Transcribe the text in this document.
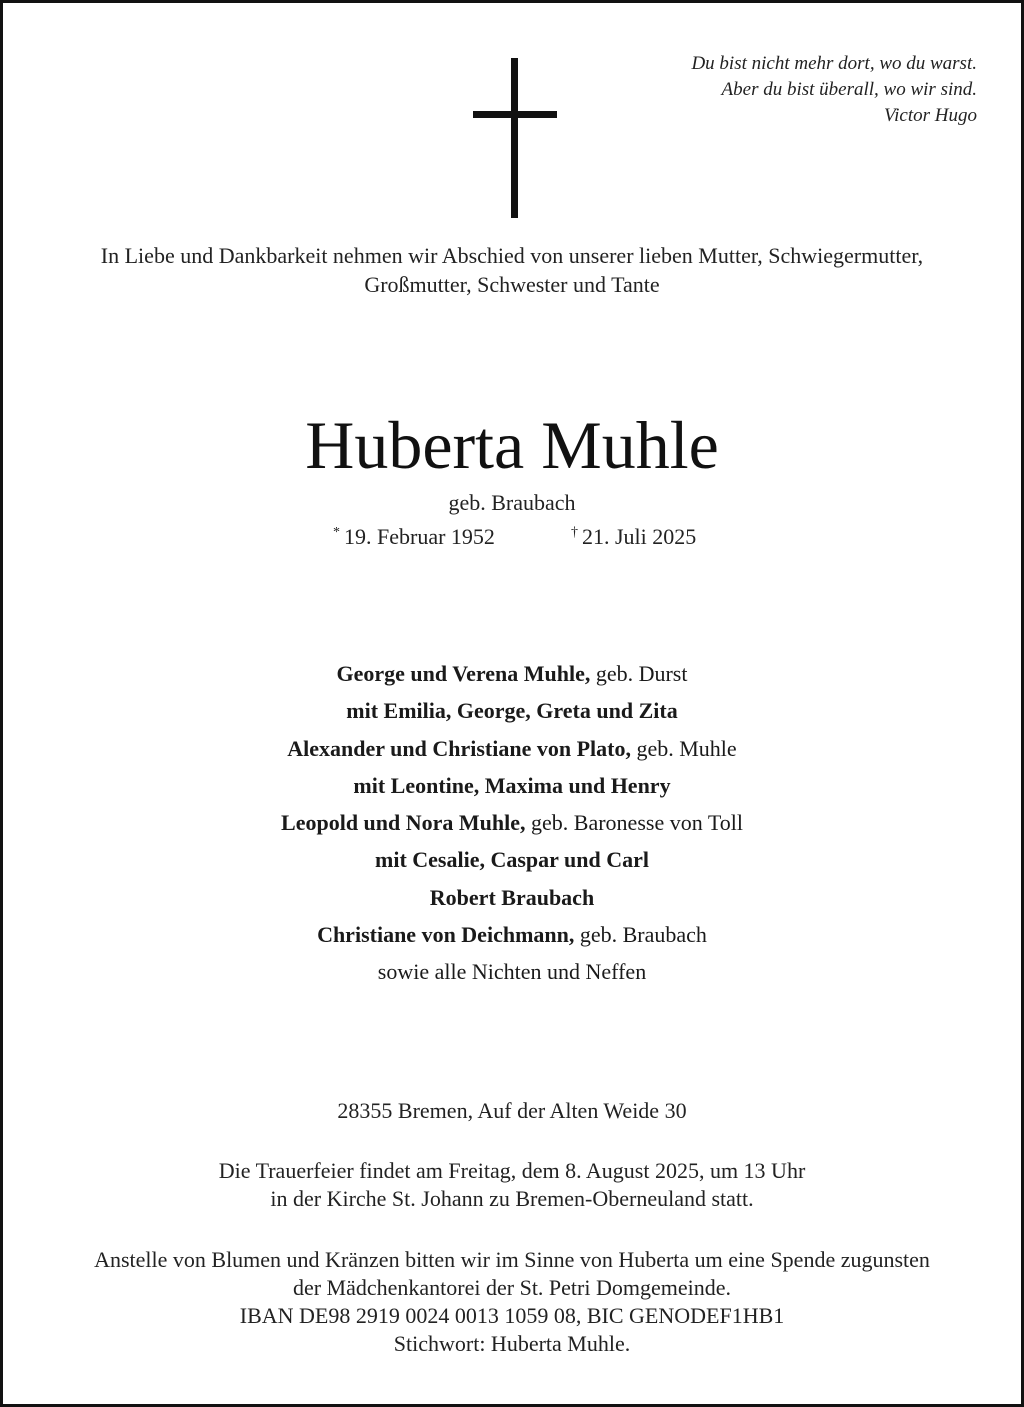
Du bist nicht mehr dort, wo du warst.
Aber du bist überall, wo wir sind.
Victor Hugo
In Liebe und Dankbarkeit nehmen wir Abschied von unserer lieben Mutter, Schwiegermutter,
Großmutter, Schwester und Tante
Huberta Muhle
geb. Braubach
* 19. Februar 1952	† 21. Juli 2025
George und Verena Muhle, geb. Durst
mit Emilia, George, Greta und Zita
Alexander und Christiane von Plato, geb. Muhle
mit Leontine, Maxima und Henry
Leopold und Nora Muhle, geb. Baronesse von Toll
mit Cesalie, Caspar und Carl
Robert Braubach
Christiane von Deichmann, geb. Braubach
sowie alle Nichten und Neffen
28355 Bremen, Auf der Alten Weide 30
Die Trauerfeier findet am Freitag, dem 8. August 2025, um 13 Uhr
in der Kirche St. Johann zu Bremen-Oberneuland statt.
Anstelle von Blumen und Kränzen bitten wir im Sinne von Huberta um eine Spende zugunsten
der Mädchenkantorei der St. Petri Domgemeinde.
IBAN DE98 2919 0024 0013 1059 08, BIC GENODEF1HB1
Stichwort: Huberta Muhle.
